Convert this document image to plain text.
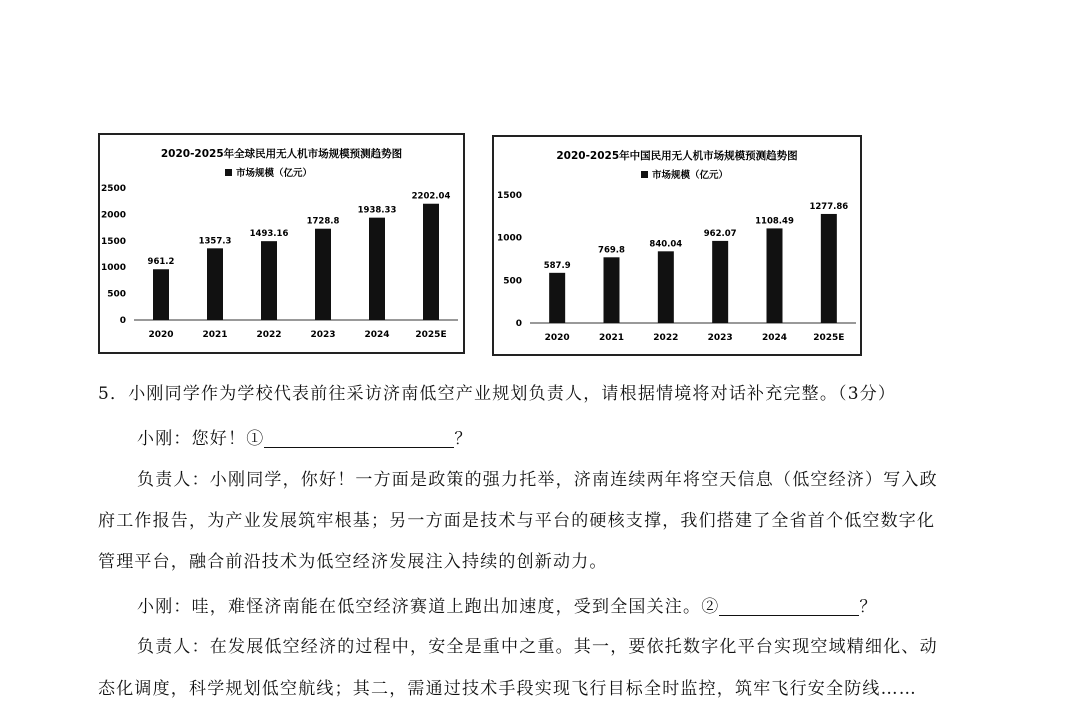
2020-2025年全球民用无人机市场规模预测趋势图
市场规模（亿元）
0
500
1000
1500
2000
2500
961.2
2020
1357.3
2021
1493.16
2022
1728.8
2023
1938.33
2024
2202.04
2025E
2020-2025年中国民用无人机市场规模预测趋势图
市场规模（亿元）
0
500
1000
1500
587.9
2020
769.8
2021
840.04
2022
962.07
2023
1108.49
2024
1277.86
2025E
5．小刚同学作为学校代表前往采访济南低空产业规划负责人，请根据情境将对话补充完整。（3分）
小刚：您好！①	？
负责人：小刚同学，你好！一方面是政策的强力托举，济南连续两年将空天信息（低空经济）写入政
府工作报告，为产业发展筑牢根基；另一方面是技术与平台的硬核支撑，我们搭建了全省首个低空数字化
管理平台，融合前沿技术为低空经济发展注入持续的创新动力。
小刚：哇，难怪济南能在低空经济赛道上跑出加速度，受到全国关注。②	？
负责人：在发展低空经济的过程中，安全是重中之重。其一，要依托数字化平台实现空域精细化、动
态化调度，科学规划低空航线；其二，需通过技术手段实现飞行目标全时监控，筑牢飞行安全防线……
